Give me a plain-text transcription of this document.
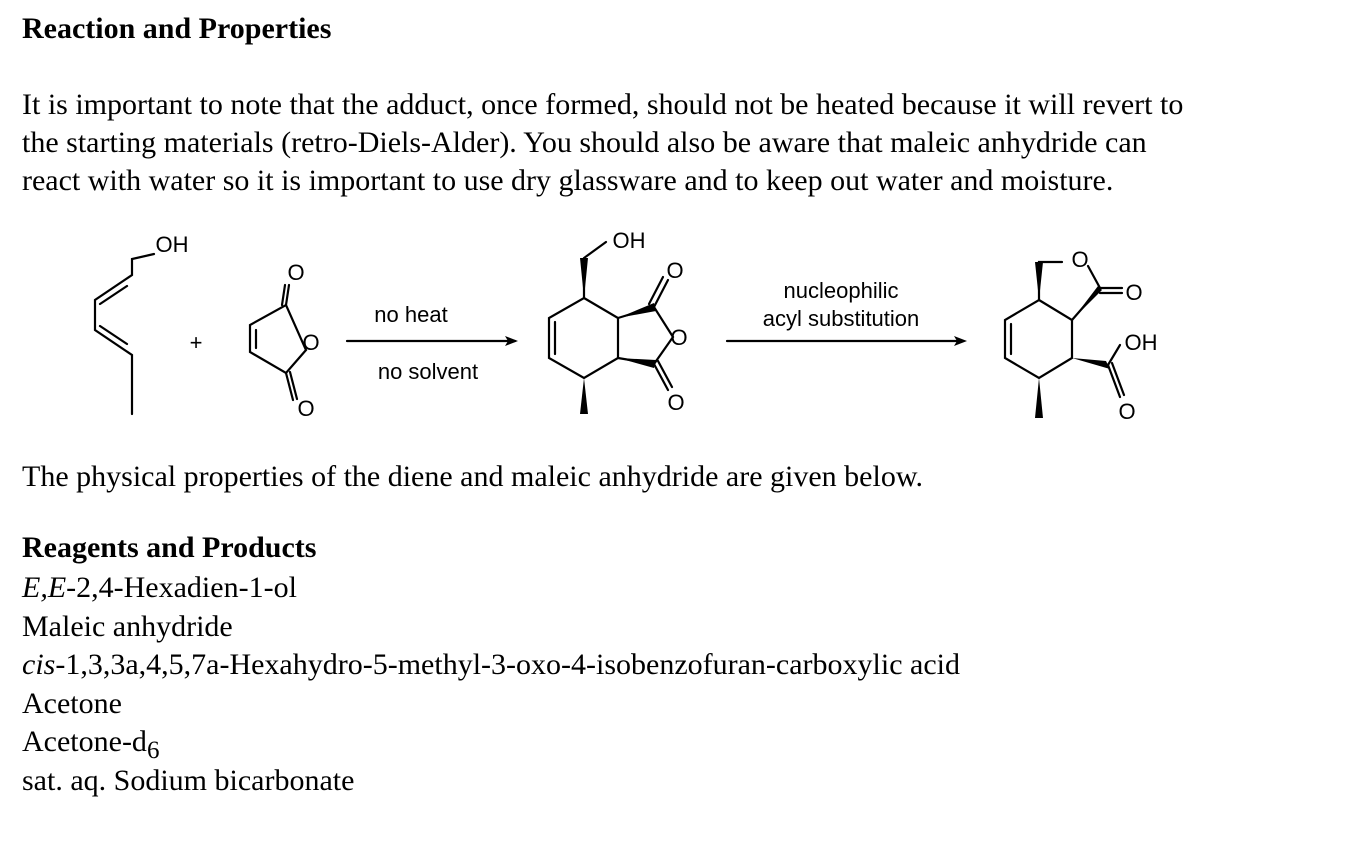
Reaction and Properties

It is important to note that the adduct, once formed, should not be heated because it will revert to
the starting materials (retro-Diels-Alder). You should also be aware that maleic anhydride can
react with water so it is important to use dry glassware and to keep out water and moisture.

OH
+
O
O
O
no heat
no solvent
OH
O
O
O
nucleophilic
acyl substitution
O
O
OH
O

The physical properties of the diene and maleic anhydride are given below.

Reagents and Products
E,E-2,4-Hexadien-1-ol
Maleic anhydride
cis-1,3,3a,4,5,7a-Hexahydro-5-methyl-3-oxo-4-isobenzofuran-carboxylic acid
Acetone
Acetone-$d_6$
sat. aq. Sodium bicarbonate
